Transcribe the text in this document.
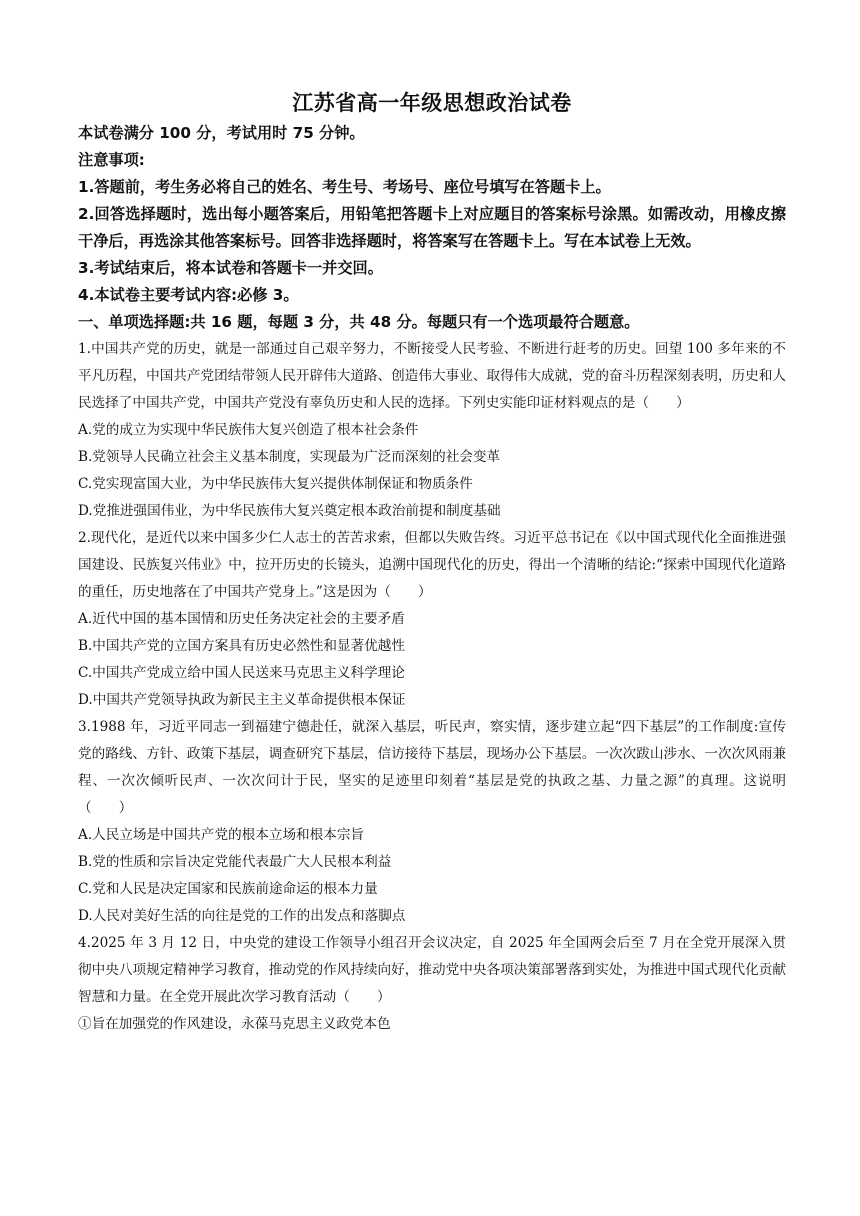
江苏省高一年级思想政治试卷

本试卷满分 100 分，考试用时 75 分钟。

注意事项:

1.答题前，考生务必将自己的姓名、考生号、考场号、座位号填写在答题卡上。

2.回答选择题时，选出每小题答案后，用铅笔把答题卡上对应题目的答案标号涂黑。如需改动，用橡皮擦干净后，再选涂其他答案标号。回答非选择题时，将答案写在答题卡上。写在本试卷上无效。

3.考试结束后，将本试卷和答题卡一并交回。

4.本试卷主要考试内容:必修 3。

一、单项选择题:共 16 题，每题 3 分，共 48 分。每题只有一个选项最符合题意。

1.中国共产党的历史，就是一部通过自己艰辛努力，不断接受人民考验、不断进行赶考的历史。回望 100 多年来的不平凡历程，中国共产党团结带领人民开辟伟大道路、创造伟大事业、取得伟大成就，党的奋斗历程深刻表明，历史和人民选择了中国共产党，中国共产党没有辜负历史和人民的选择。下列史实能印证材料观点的是（　　）

A.党的成立为实现中华民族伟大复兴创造了根本社会条件

B.党领导人民确立社会主义基本制度，实现最为广泛而深刻的社会变革

C.党实现富国大业，为中华民族伟大复兴提供体制保证和物质条件

D.党推进强国伟业，为中华民族伟大复兴奠定根本政治前提和制度基础

2.现代化，是近代以来中国多少仁人志士的苦苦求索，但都以失败告终。习近平总书记在《以中国式现代化全面推进强国建设、民族复兴伟业》中，拉开历史的长镜头，追溯中国现代化的历史，得出一个清晰的结论:“探索中国现代化道路的重任，历史地落在了中国共产党身上。”这是因为（　　）

A.近代中国的基本国情和历史任务决定社会的主要矛盾

B.中国共产党的立国方案具有历史必然性和显著优越性

C.中国共产党成立给中国人民送来马克思主义科学理论

D.中国共产党领导执政为新民主主义革命提供根本保证

3.1988 年，习近平同志一到福建宁德赴任，就深入基层，听民声，察实情，逐步建立起“四下基层”的工作制度:宣传党的路线、方针、政策下基层，调查研究下基层，信访接待下基层，现场办公下基层。一次次跋山涉水、一次次风雨兼程、一次次倾听民声、一次次问计于民，坚实的足迹里印刻着“基层是党的执政之基、力量之源”的真理。这说明（　　）

A.人民立场是中国共产党的根本立场和根本宗旨

B.党的性质和宗旨决定党能代表最广大人民根本利益

C.党和人民是决定国家和民族前途命运的根本力量

D.人民对美好生活的向往是党的工作的出发点和落脚点

4.2025 年 3 月 12 日，中央党的建设工作领导小组召开会议决定，自 2025 年全国两会后至 7 月在全党开展深入贯彻中央八项规定精神学习教育，推动党的作风持续向好，推动党中央各项决策部署落到实处，为推进中国式现代化贡献智慧和力量。在全党开展此次学习教育活动（　　）

①旨在加强党的作风建设，永葆马克思主义政党本色
